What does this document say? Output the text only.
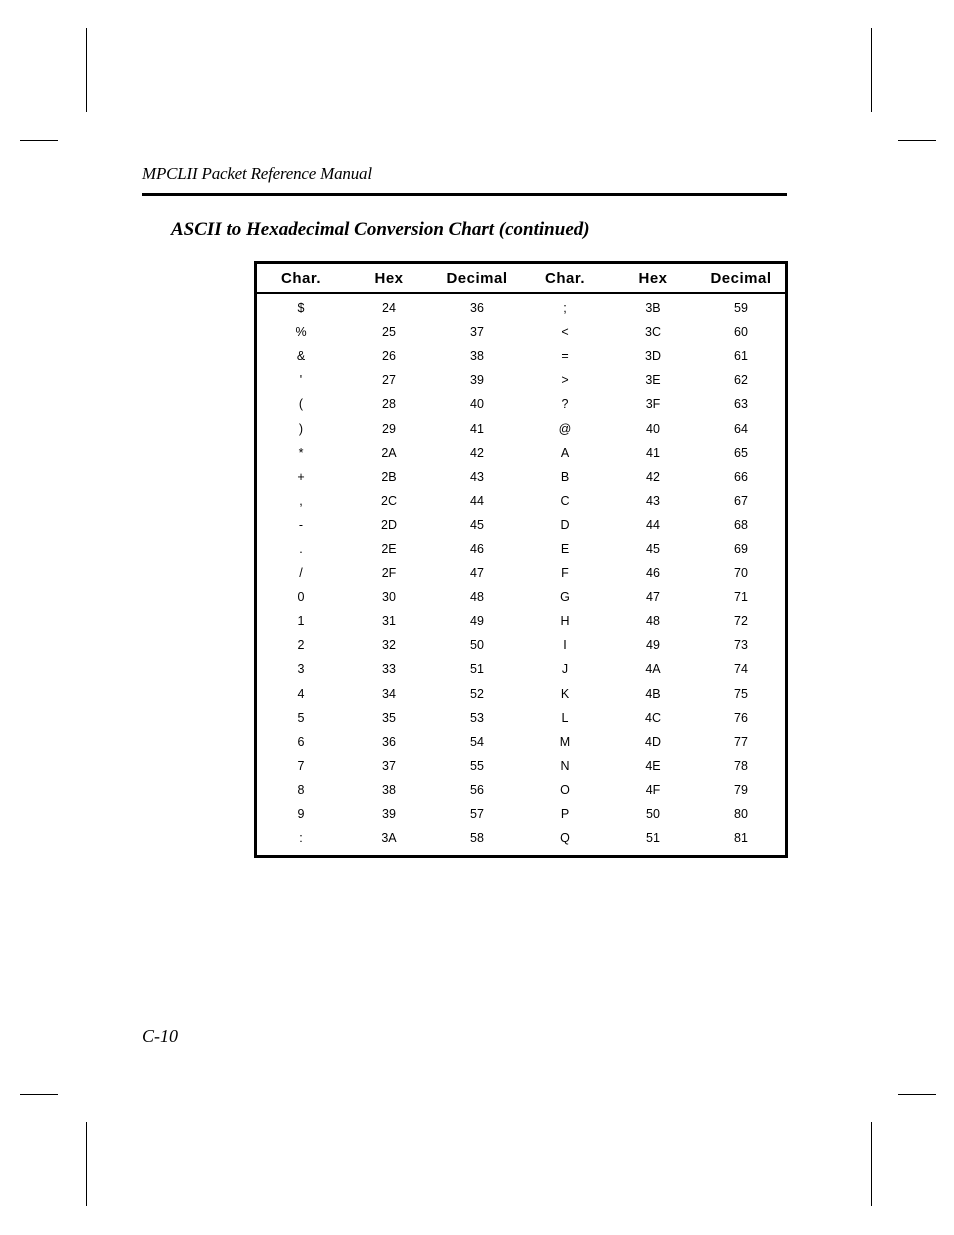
MPCLII Packet Reference Manual
ASCII to Hexadecimal Conversion Chart (continued)
Char.	Hex	Decimal	Char.	Hex	Decimal
$	24	36	;	3B	59
%	25	37	<	3C	60
&	26	38	=	3D	61
'	27	39	>	3E	62
(	28	40	?	3F	63
)	29	41	@	40	64
*	2A	42	A	41	65
+	2B	43	B	42	66
,	2C	44	C	43	67
-	2D	45	D	44	68
.	2E	46	E	45	69
/	2F	47	F	46	70
0	30	48	G	47	71
1	31	49	H	48	72
2	32	50	I	49	73
3	33	51	J	4A	74
4	34	52	K	4B	75
5	35	53	L	4C	76
6	36	54	M	4D	77
7	37	55	N	4E	78
8	38	56	O	4F	79
9	39	57	P	50	80
:	3A	58	Q	51	81
C-10
